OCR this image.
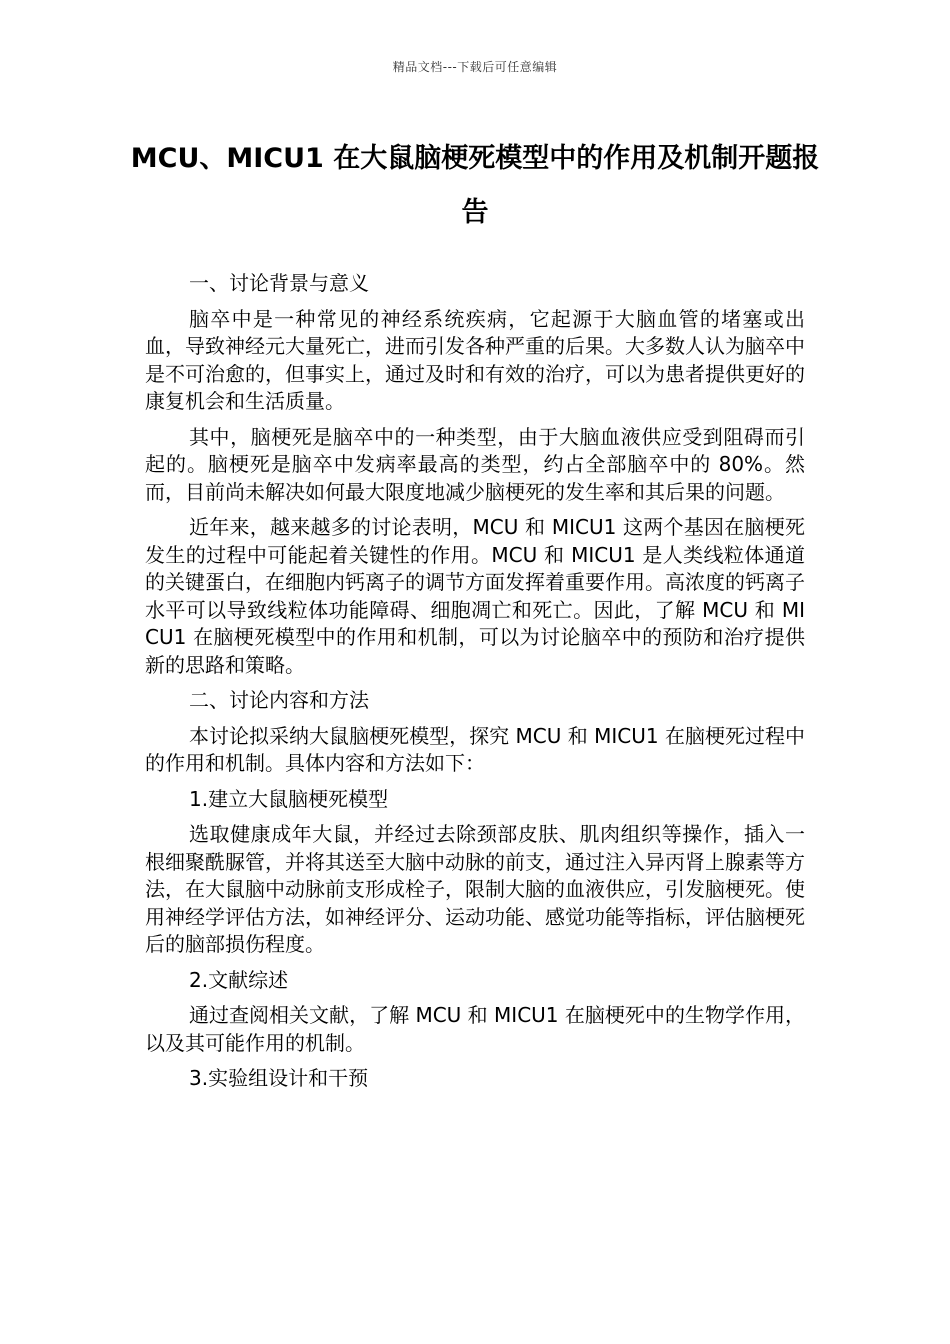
精品文档---下载后可任意编辑
MCU、MICU1 在大鼠脑梗死模型中的作用及机制开题报告

一、讨论背景与意义

脑卒中是一种常见的神经系统疾病，它起源于大脑血管的堵塞或出血，导致神经元大量死亡，进而引发各种严重的后果。大多数人认为脑卒中是不可治愈的，但事实上，通过及时和有效的治疗，可以为患者提供更好的康复机会和生活质量。

其中，脑梗死是脑卒中的一种类型，由于大脑血液供应受到阻碍而引起的。脑梗死是脑卒中发病率最高的类型，约占全部脑卒中的 80%。然而，目前尚未解决如何最大限度地减少脑梗死的发生率和其后果的问题。

近年来，越来越多的讨论表明，MCU 和 MICU1 这两个基因在脑梗死发生的过程中可能起着关键性的作用。MCU 和 MICU1 是人类线粒体通道的关键蛋白，在细胞内钙离子的调节方面发挥着重要作用。高浓度的钙离子水平可以导致线粒体功能障碍、细胞凋亡和死亡。因此，了解 MCU 和 MICU1 在脑梗死模型中的作用和机制，可以为讨论脑卒中的预防和治疗提供新的思路和策略。

二、讨论内容和方法

本讨论拟采纳大鼠脑梗死模型，探究 MCU 和 MICU1 在脑梗死过程中的作用和机制。具体内容和方法如下：

1.建立大鼠脑梗死模型

选取健康成年大鼠，并经过去除颈部皮肤、肌肉组织等操作，插入一根细聚酰脲管，并将其送至大脑中动脉的前支，通过注入异丙肾上腺素等方法，在大鼠脑中动脉前支形成栓子，限制大脑的血液供应，引发脑梗死。使用神经学评估方法，如神经评分、运动功能、感觉功能等指标，评估脑梗死后的脑部损伤程度。

2.文献综述

通过查阅相关文献，了解 MCU 和 MICU1 在脑梗死中的生物学作用，以及其可能作用的机制。

3.实验组设计和干预
